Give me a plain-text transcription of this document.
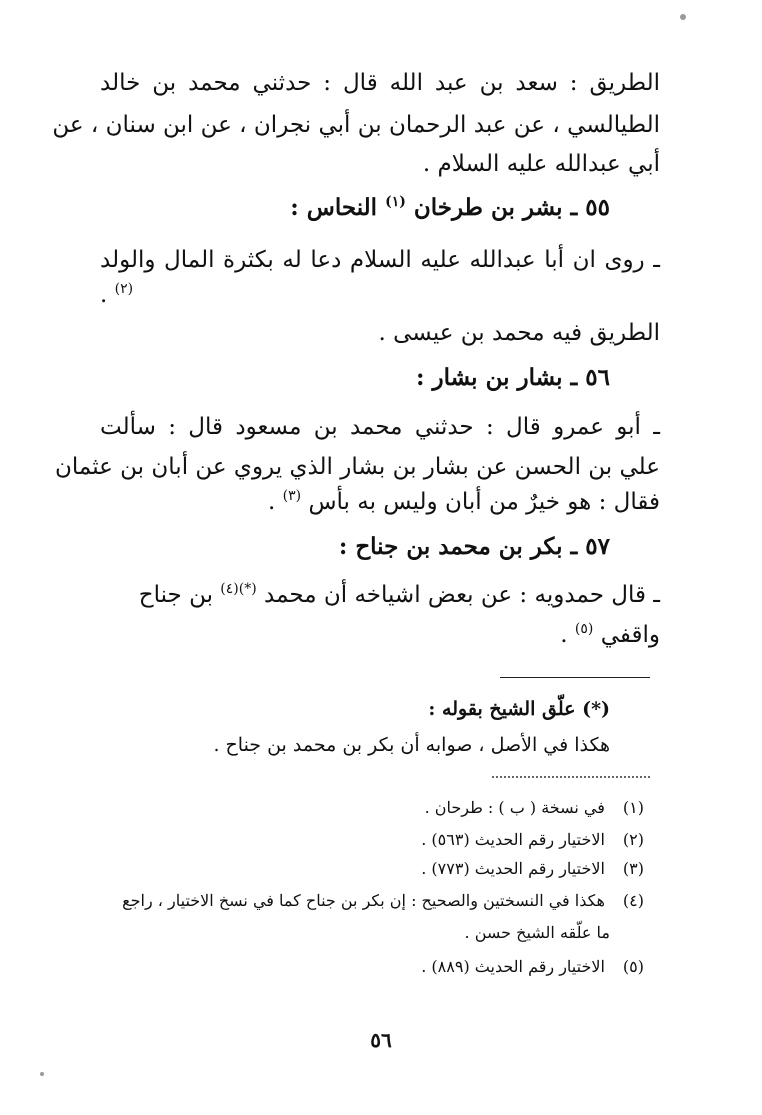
الطريق : سعد بن عبد الله قال : حدثني محمد بن خالد
الطيالسي ، عن عبد الرحمان بن أبي نجران ، عن ابن سنان ، عن
أبي عبدالله عليه السلام .
٥٥ ـ بشر بن طرخان $^{(١)}$ النحاس :
ـ روى ان أبا عبدالله عليه السلام دعا له بكثرة المال والولد
$^{(٢)}$ .
الطريق فيه محمد بن عيسى .
٥٦ ـ بشار بن بشار :
ـ أبو عمرو قال : حدثني محمد بن مسعود قال : سألت
علي بن الحسن عن بشار بن بشار الذي يروي عن أبان بن عثمان
فقال : هو خيرٌ من أبان وليس به بأس $^{(٣)}$ .
٥٧ ـ بكر بن محمد بن جناح :
ـ قال حمدويه : عن بعض اشياخه أن محمد $^{(*)(٤)}$ بن جناح
واقفي $^{(٥)}$ .
(*) علّق الشيخ بقوله :
هكذا في الأصل ، صوابه أن بكر بن محمد بن جناح .
(١) في نسخة ( ب ) : طرحان .
(٢) الاختيار رقم الحديث (٥٦٣) .
(٣) الاختيار رقم الحديث (٧٧٣) .
(٤) هكذا في النسختين والصحيح : إن بكر بن جناح كما في نسخ الاختيار ، راجع
ما علّقه الشيخ حسن .
(٥) الاختيار رقم الحديث (٨٨٩) .
٥٦
